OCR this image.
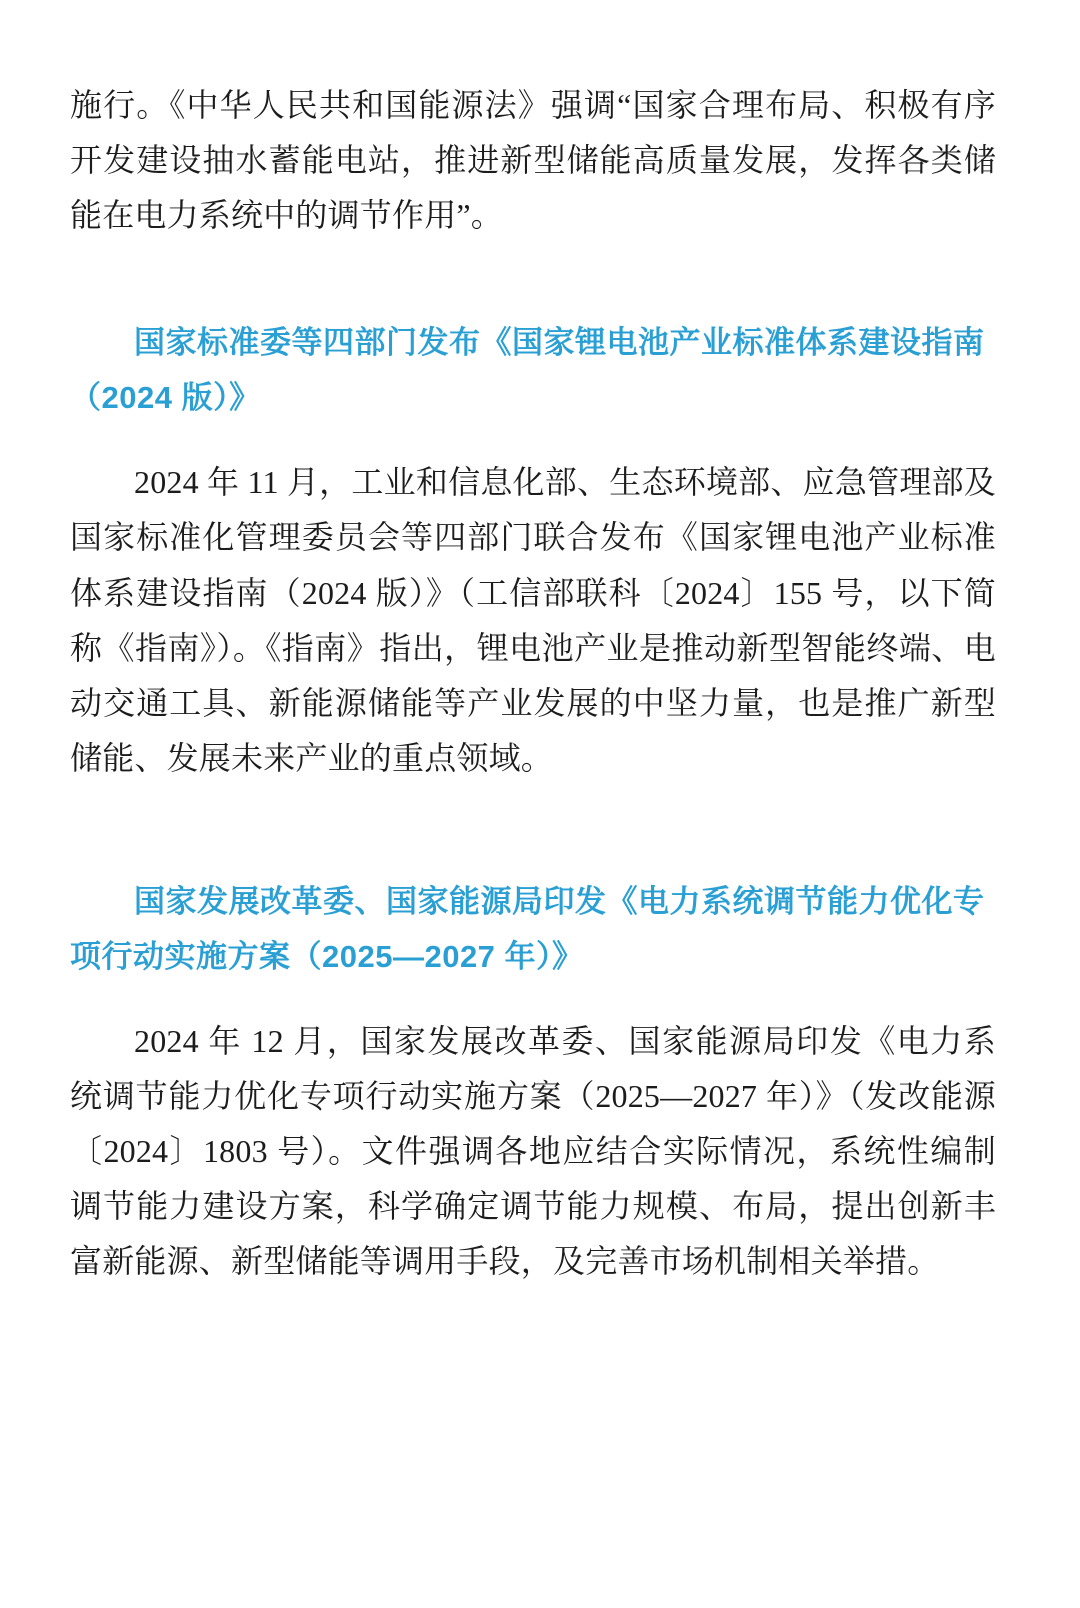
施行。《中华人民共和国能源法》强调“国家合理布局、积极有序开发建设抽水蓄能电站，推进新型储能高质量发展，发挥各类储能在电力系统中的调节作用”。

国家标准委等四部门发布《国家锂电池产业标准体系建设指南（2024 版）》

2024 年 11 月，工业和信息化部、生态环境部、应急管理部及国家标准化管理委员会等四部门联合发布《国家锂电池产业标准体系建设指南（2024 版）》（工信部联科〔2024〕155 号，以下简称《指南》）。《指南》指出，锂电池产业是推动新型智能终端、电动交通工具、新能源储能等产业发展的中坚力量，也是推广新型储能、发展未来产业的重点领域。

国家发展改革委、国家能源局印发《电力系统调节能力优化专项行动实施方案（2025—2027 年）》

2024 年 12 月，国家发展改革委、国家能源局印发《电力系统调节能力优化专项行动实施方案（2025—2027 年）》（发改能源〔2024〕1803 号）。文件强调各地应结合实际情况，系统性编制调节能力建设方案，科学确定调节能力规模、布局，提出创新丰富新能源、新型储能等调用手段，及完善市场机制相关举措。
